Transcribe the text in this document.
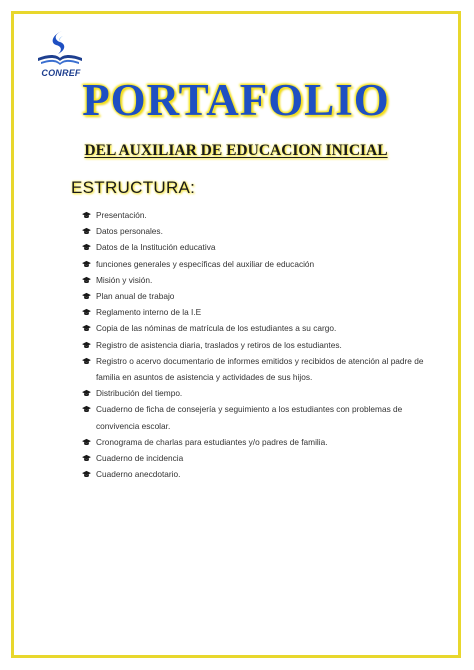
CONREF
PORTAFOLIO
DEL AUXILIAR DE EDUCACION INICIAL
ESTRUCTURA:
Presentación.
Datos personales.
Datos de la Institución educativa
funciones generales y específicas del auxiliar de educación
Misión y visión.
Plan anual de trabajo
Reglamento interno de la I.E
Copia de las nóminas de matrícula de los estudiantes a su cargo.
Registro de asistencia diaria, traslados y retiros de los estudiantes.
Registro o acervo documentario de informes emitidos y recibidos de atención al padre de familia en asuntos de asistencia y actividades de sus hijos.
Distribución del tiempo.
Cuaderno de ficha de consejería y seguimiento a los estudiantes con problemas de convivencia escolar.
Cronograma de charlas para estudiantes y/o padres de familia.
Cuaderno de incidencia
Cuaderno anecdotario.
